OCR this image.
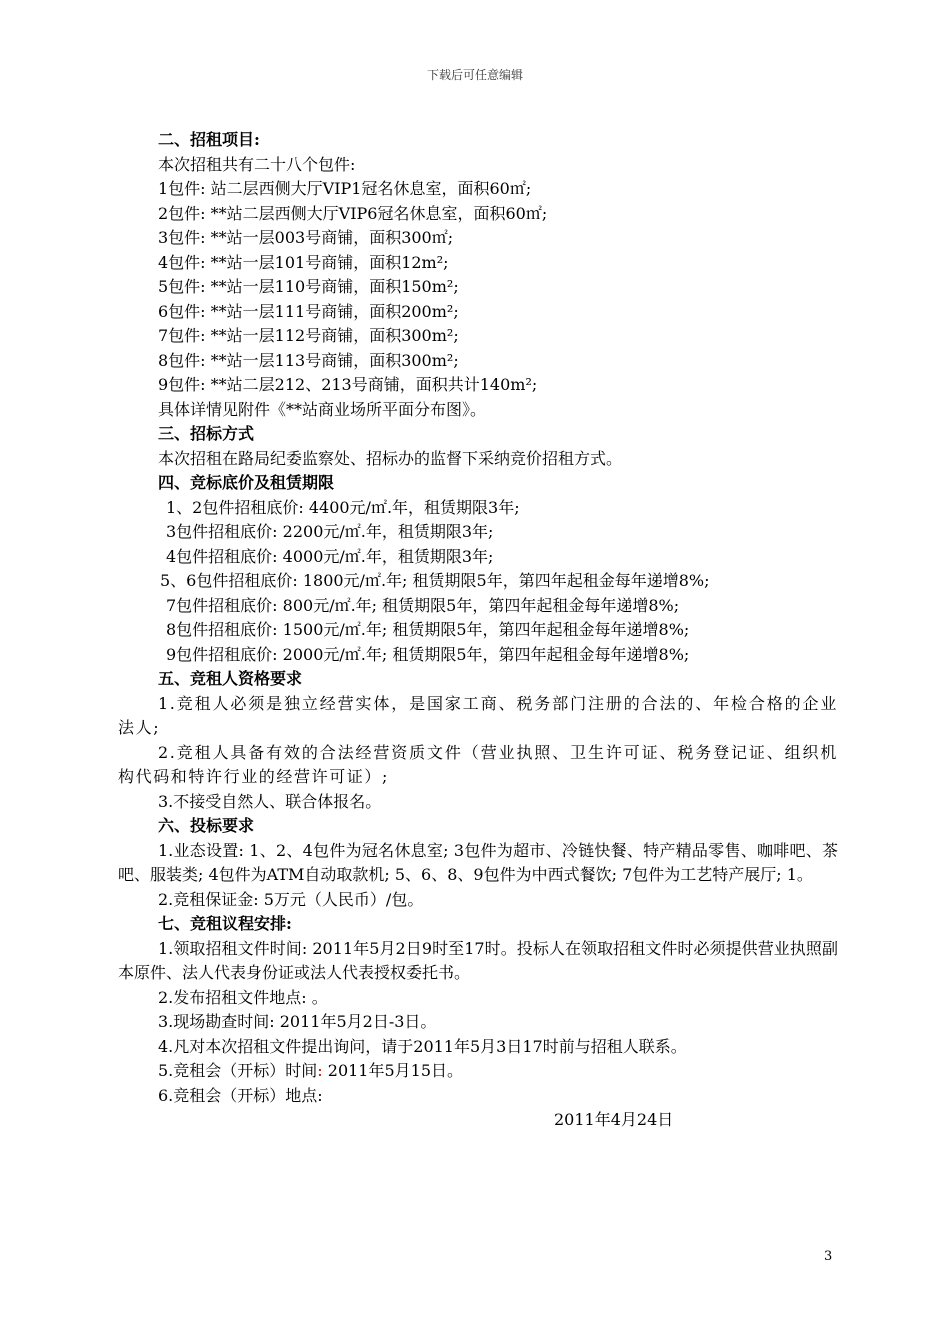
下载后可任意编辑
二、招租项目:
本次招租共有二十八个包件:
1包件: 站二层西侧大厅VIP1冠名休息室，面积60㎡;
2包件: **站二层西侧大厅VIP6冠名休息室，面积60㎡;
3包件: **站一层003号商铺，面积300㎡;
4包件: **站一层101号商铺，面积12m²;
5包件: **站一层110号商铺，面积150m²;
6包件: **站一层111号商铺，面积200m²;
7包件: **站一层112号商铺，面积300m²;
8包件: **站一层113号商铺，面积300m²;
9包件: **站二层212、213号商铺，面积共计140m²;
具体详情见附件《**站商业场所平面分布图》。
三、招标方式
本次招租在路局纪委监察处、招标办的监督下采纳竞价招租方式。
四、竞标底价及租赁期限
1、2包件招租底价: 4400元/㎡.年，租赁期限3年;
3包件招租底价: 2200元/㎡.年，租赁期限3年;
4包件招租底价: 4000元/㎡.年，租赁期限3年;
5、6包件招租底价: 1800元/㎡.年; 租赁期限5年，第四年起租金每年递增8%;
7包件招租底价: 800元/㎡.年; 租赁期限5年，第四年起租金每年递增8%;
8包件招租底价: 1500元/㎡.年; 租赁期限5年，第四年起租金每年递增8%;
9包件招租底价: 2000元/㎡.年; 租赁期限5年，第四年起租金每年递增8%;
五、竞租人资格要求
1.竞租人必须是独立经营实体，是国家工商、税务部门注册的合法的、年检合格的企业法人;
2.竞租人具备有效的合法经营资质文件（营业执照、卫生许可证、税务登记证、组织机构代码和特许行业的经营许可证）;
3.不接受自然人、联合体报名。
六、投标要求
1.业态设置: 1、2、4包件为冠名休息室; 3包件为超市、冷链快餐、特产精品零售、咖啡吧、茶吧、服装类; 4包件为ATM自动取款机; 5、6、8、9包件为中西式餐饮; 7包件为工艺特产展厅; 1。
2.竞租保证金: 5万元（人民币）/包。
七、竞租议程安排:
1.领取招租文件时间: 2011年5月2日9时至17时。投标人在领取招租文件时必须提供营业执照副本原件、法人代表身份证或法人代表授权委托书。
2.发布招租文件地点: 。
3.现场勘查时间: 2011年5月2日-3日。
4.凡对本次招租文件提出询问，请于2011年5月3日17时前与招租人联系。
5.竞租会（开标）时间: 2011年5月15日。
6.竞租会（开标）地点:
2011年4月24日
3
